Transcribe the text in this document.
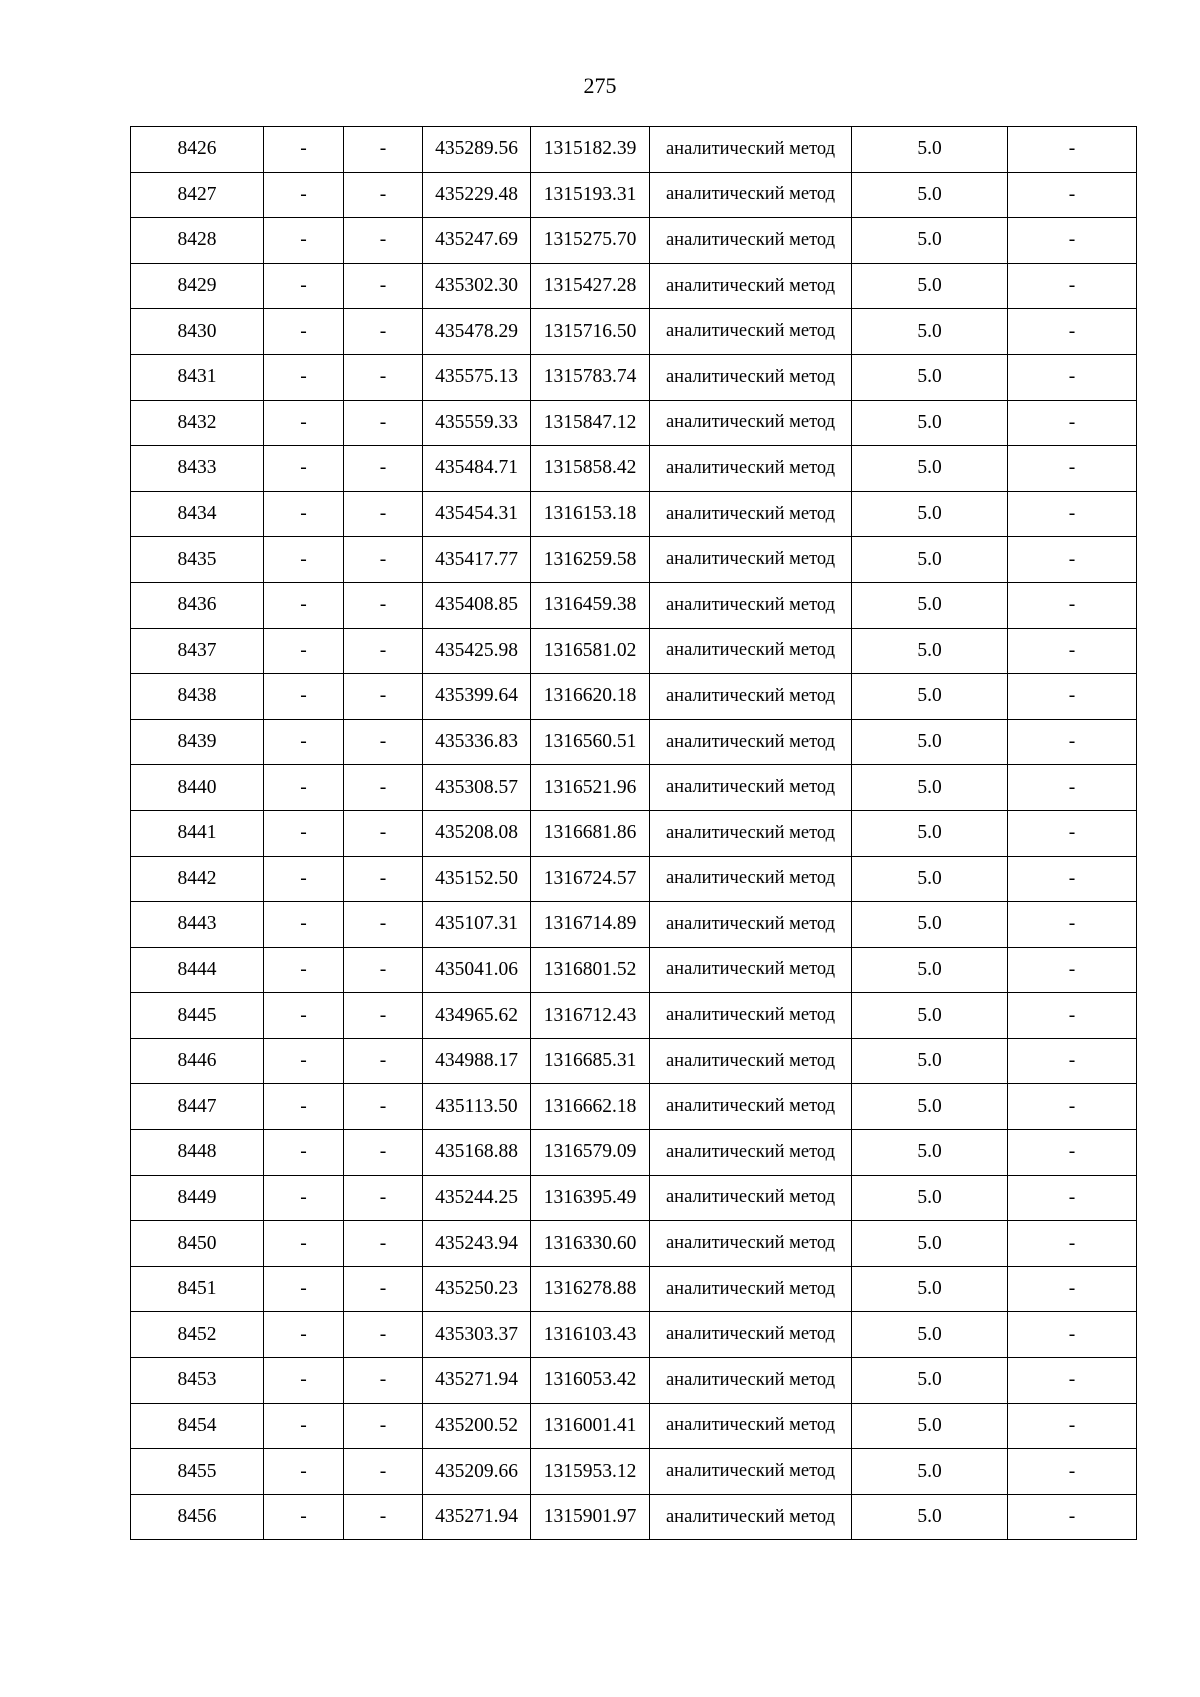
275
8426	-	-	435289.56	1315182.39	аналитический метод	5.0	-
8427	-	-	435229.48	1315193.31	аналитический метод	5.0	-
8428	-	-	435247.69	1315275.70	аналитический метод	5.0	-
8429	-	-	435302.30	1315427.28	аналитический метод	5.0	-
8430	-	-	435478.29	1315716.50	аналитический метод	5.0	-
8431	-	-	435575.13	1315783.74	аналитический метод	5.0	-
8432	-	-	435559.33	1315847.12	аналитический метод	5.0	-
8433	-	-	435484.71	1315858.42	аналитический метод	5.0	-
8434	-	-	435454.31	1316153.18	аналитический метод	5.0	-
8435	-	-	435417.77	1316259.58	аналитический метод	5.0	-
8436	-	-	435408.85	1316459.38	аналитический метод	5.0	-
8437	-	-	435425.98	1316581.02	аналитический метод	5.0	-
8438	-	-	435399.64	1316620.18	аналитический метод	5.0	-
8439	-	-	435336.83	1316560.51	аналитический метод	5.0	-
8440	-	-	435308.57	1316521.96	аналитический метод	5.0	-
8441	-	-	435208.08	1316681.86	аналитический метод	5.0	-
8442	-	-	435152.50	1316724.57	аналитический метод	5.0	-
8443	-	-	435107.31	1316714.89	аналитический метод	5.0	-
8444	-	-	435041.06	1316801.52	аналитический метод	5.0	-
8445	-	-	434965.62	1316712.43	аналитический метод	5.0	-
8446	-	-	434988.17	1316685.31	аналитический метод	5.0	-
8447	-	-	435113.50	1316662.18	аналитический метод	5.0	-
8448	-	-	435168.88	1316579.09	аналитический метод	5.0	-
8449	-	-	435244.25	1316395.49	аналитический метод	5.0	-
8450	-	-	435243.94	1316330.60	аналитический метод	5.0	-
8451	-	-	435250.23	1316278.88	аналитический метод	5.0	-
8452	-	-	435303.37	1316103.43	аналитический метод	5.0	-
8453	-	-	435271.94	1316053.42	аналитический метод	5.0	-
8454	-	-	435200.52	1316001.41	аналитический метод	5.0	-
8455	-	-	435209.66	1315953.12	аналитический метод	5.0	-
8456	-	-	435271.94	1315901.97	аналитический метод	5.0	-
